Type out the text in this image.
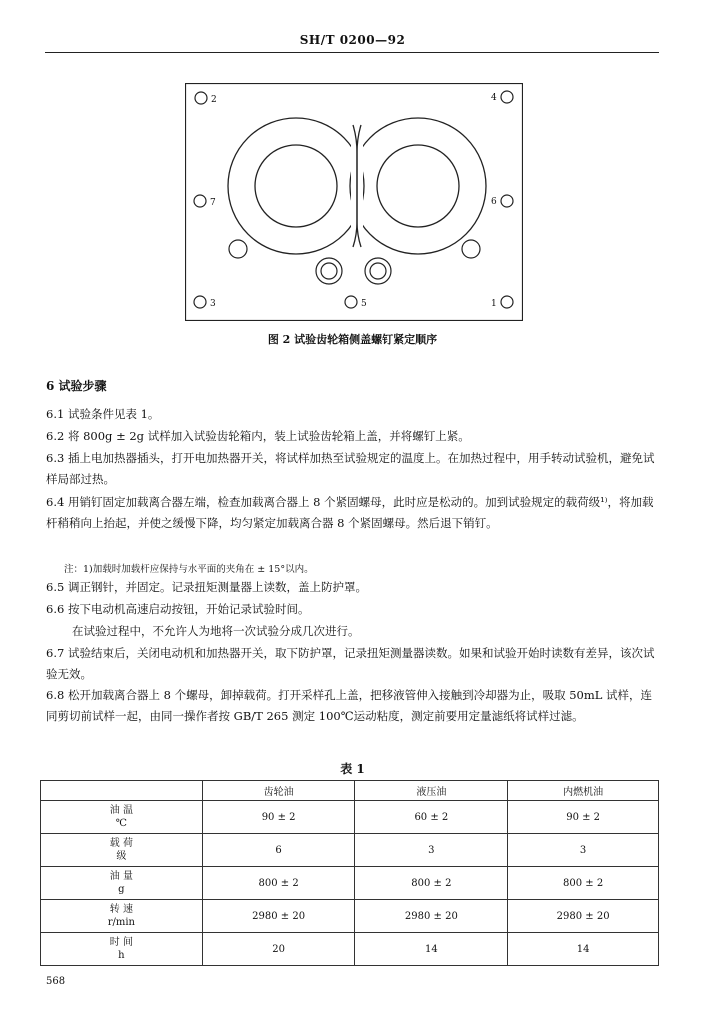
SH/T 0200—92
2	4
7	6
3	5	1
图 2 试验齿轮箱侧盖螺钉紧定顺序
6 试验步骤
6.1 试验条件见表 1。
6.2 将 800g ± 2g 试样加入试验齿轮箱内，装上试验齿轮箱上盖，并将螺钉上紧。
6.3 插上电加热器插头，打开电加热器开关，将试样加热至试验规定的温度上。在加热过程中，用手转动试验机，避免试样局部过热。
6.4 用销钉固定加载离合器左端，检查加载离合器上 8 个紧固螺母，此时应是松动的。加到试验规定的载荷级¹⁾，将加载杆稍稍向上抬起，并使之缓慢下降，均匀紧定加载离合器 8 个紧固螺母。然后退下销钉。
注：1)加载时加载杆应保持与水平面的夹角在 ± 15°以内。
6.5 调正钢针，并固定。记录扭矩测量器上读数，盖上防护罩。
6.6 按下电动机高速启动按钮，开始记录试验时间。
在试验过程中，不允许人为地将一次试验分成几次进行。
6.7 试验结束后，关闭电动机和加热器开关，取下防护罩，记录扭矩测量器读数。如果和试验开始时读数有差异，该次试验无效。
6.8 松开加载离合器上 8 个螺母，卸掉载荷。打开采样孔上盖，把移液管伸入接触到冷却器为止，吸取 50mL 试样，连同剪切前试样一起，由同一操作者按 GB/T 265 测定 100℃运动粘度，测定前要用定量滤纸将试样过滤。
表 1
	齿轮油	液压油	内燃机油

油 温
℃	90 ± 2	60 ± 2	90 ± 2

载 荷
级	6	3	3

油 量
g	800 ± 2	800 ± 2	800 ± 2

转 速
r/min	2980 ± 20	2980 ± 20	2980 ± 20

时 间
h	20	14	14
568
